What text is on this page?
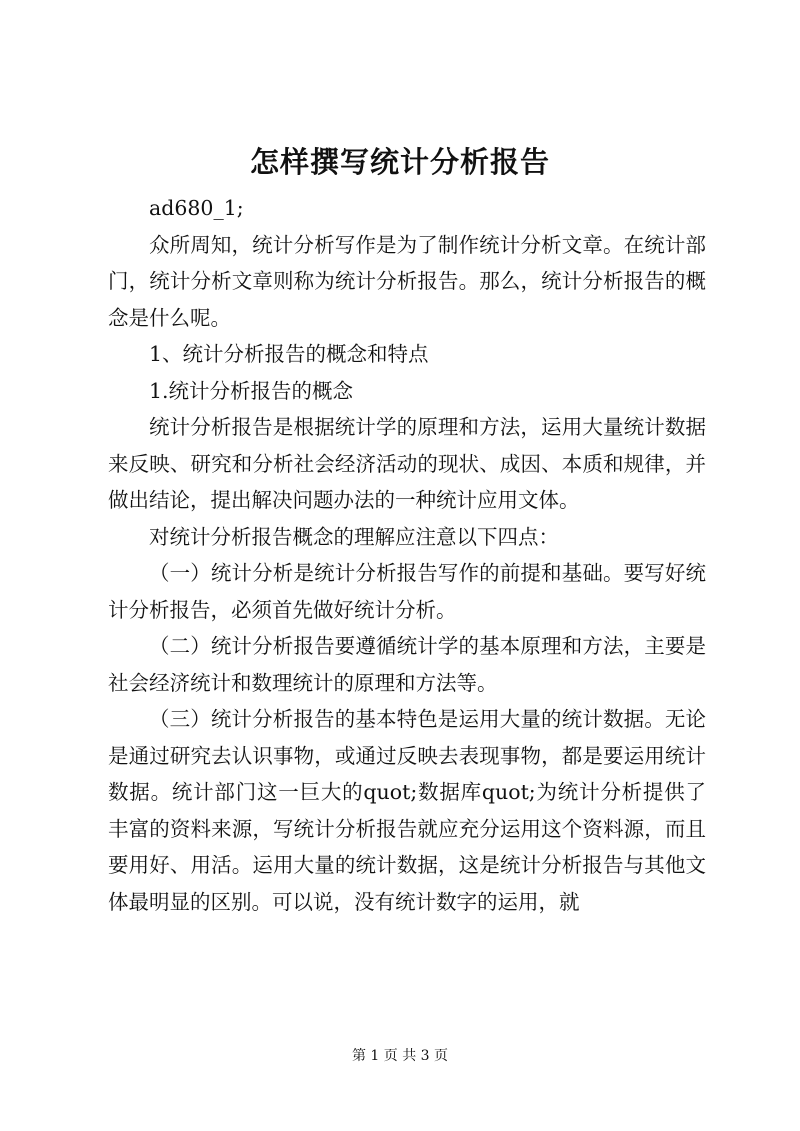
怎样撰写统计分析报告

ad680_1;

众所周知，统计分析写作是为了制作统计分析文章。在统计部门，统计分析文章则称为统计分析报告。那么，统计分析报告的概念是什么呢。

1、统计分析报告的概念和特点

1.统计分析报告的概念

统计分析报告是根据统计学的原理和方法，运用大量统计数据来反映、研究和分析社会经济活动的现状、成因、本质和规律，并做出结论，提出解决问题办法的一种统计应用文体。

对统计分析报告概念的理解应注意以下四点：

（一）统计分析是统计分析报告写作的前提和基础。要写好统计分析报告，必须首先做好统计分析。

（二）统计分析报告要遵循统计学的基本原理和方法，主要是社会经济统计和数理统计的原理和方法等。

（三）统计分析报告的基本特色是运用大量的统计数据。无论是通过研究去认识事物，或通过反映去表现事物，都是要运用统计数据。统计部门这一巨大的quot;数据库quot;为统计分析提供了丰富的资料来源，写统计分析报告就应充分运用这个资料源，而且要用好、用活。运用大量的统计数据，这是统计分析报告与其他文体最明显的区别。可以说，没有统计数字的运用，就

第 1 页 共 3 页
